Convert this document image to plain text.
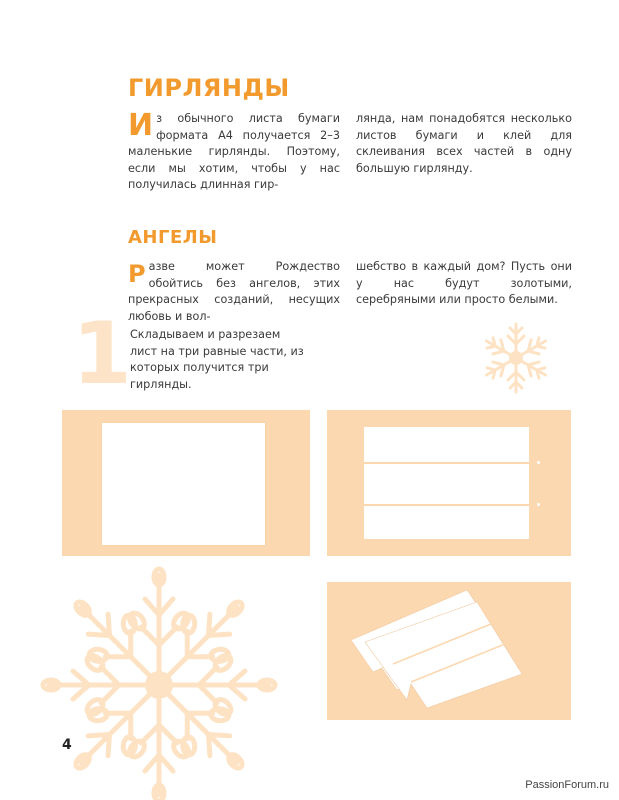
ГИРЛЯНДЫ

Из обычного листа бумаги формата А4 получается 2–3 маленькие гирлянды. Поэтому, если мы хотим, чтобы у нас получилась длинная гир-

лянда, нам понадобятся несколько листов бумаги и клей для склеивания всех частей в одну большую гирлянду.

АНГЕЛЫ

Разве может Рождество обойтись без ангелов, этих прекрасных созданий, несущих любовь и вол-

шебство в каждый дом? Пусть они у нас будут золотыми, серебряными или просто белыми.

1
Складываем и разрезаем лист на три равные части, из которых получится три гирлянды.
4
PassionForum.ru
